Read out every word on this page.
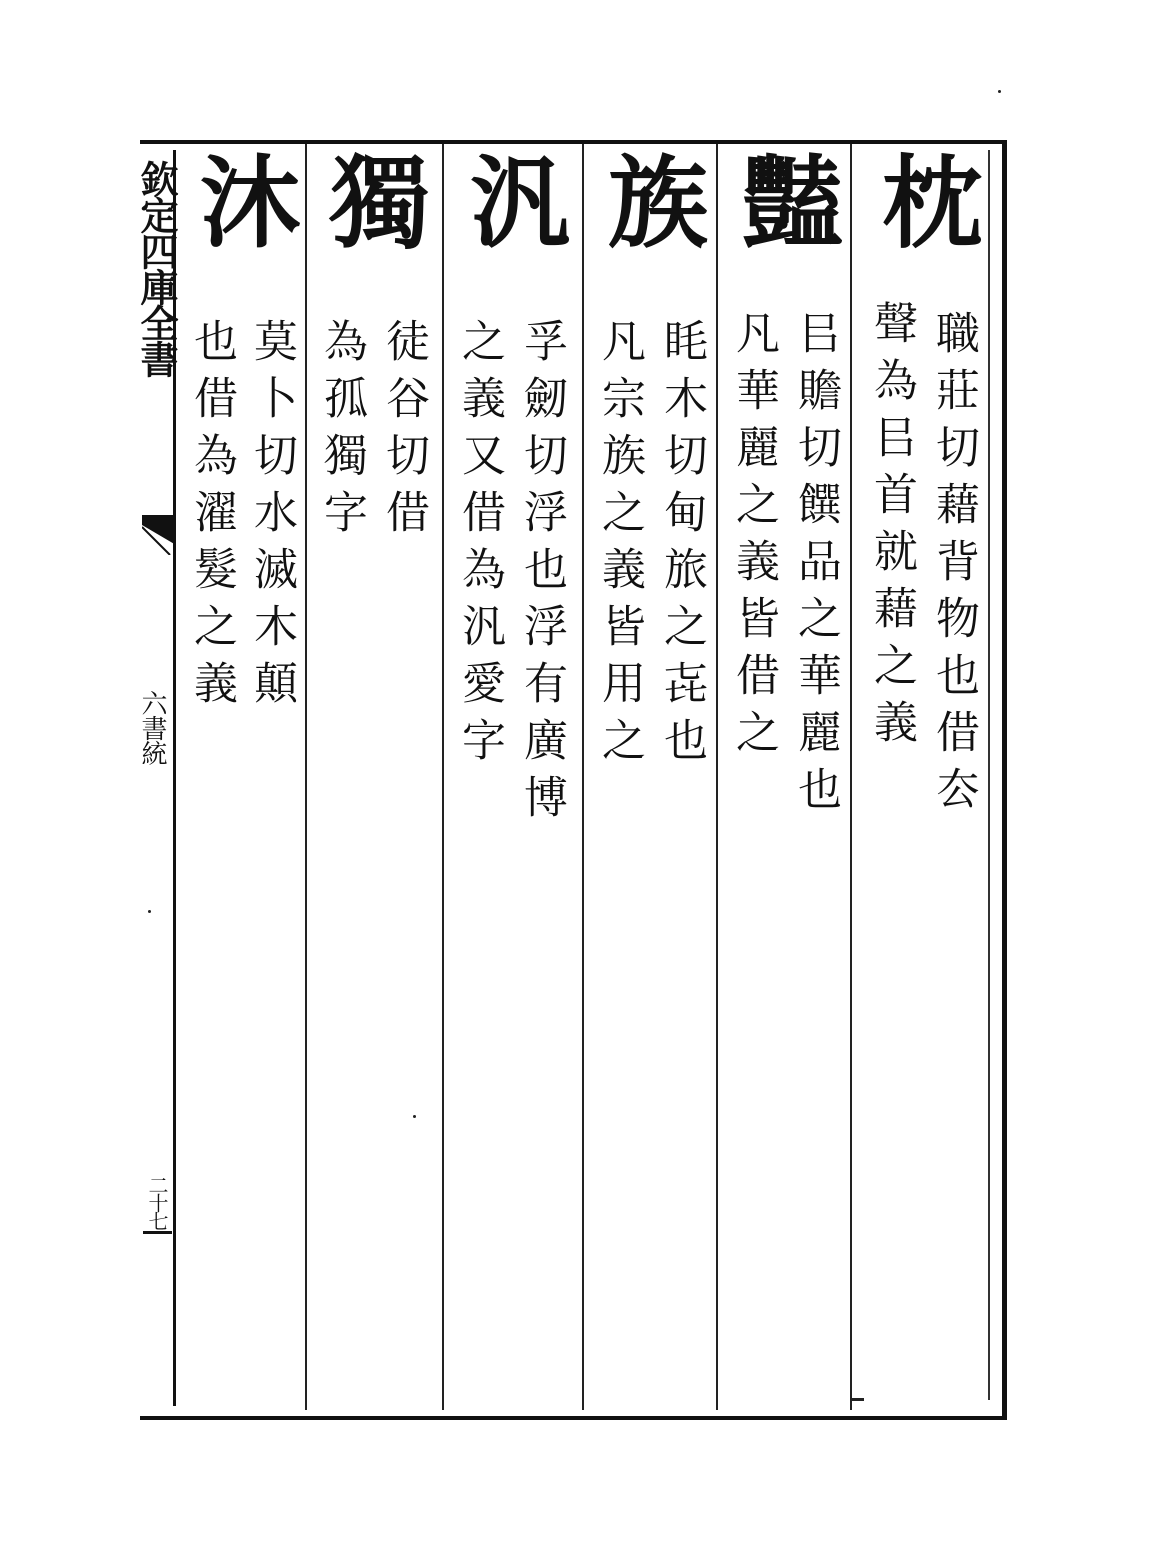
欽定四庫全書
六書統
二十七
枕
職莊切藉背物也借厺
聲為㠯首就藉之義
豔
㠯贍切饌品之華麗也
凡華麗之義皆借之
族
眊木切甸旅之㐂也
凡宗族之義皆用之
汎
孚劒切浮也浮有廣博
之義又借為汎愛字
獨
徒谷切借
為孤獨字
沐
莫卜切水滅木顛
也借為濯髮之義
